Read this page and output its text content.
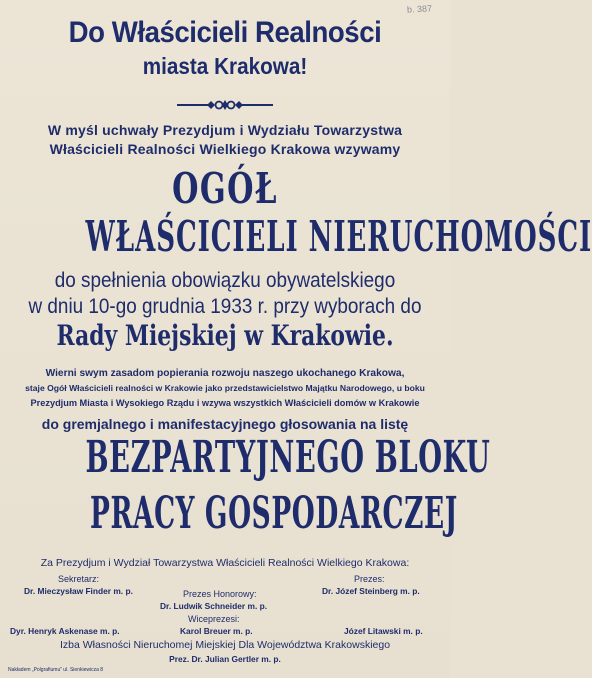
b. 387
Do Właścicieli Realności
miasta Krakowa!
W myśl uchwały Prezydjum i Wydziału Towarzystwa
Właścicieli Realności Wielkiego Krakowa wzywamy
OGÓŁ
WŁAŚCICIELI NIERUCHOMOŚCI
do spełnienia obowiązku obywatelskiego
w dniu 10-go grudnia 1933 r. przy wyborach do
Rady Miejskiej w Krakowie.
Wierni swym zasadom popierania rozwoju naszego ukochanego Krakowa,
staje Ogół Właścicieli realności w Krakowie jako przedstawicielstwo Majątku Narodowego, u boku
Prezydjum Miasta i Wysokiego Rządu i wzywa wszystkich Właścicieli domów w Krakowie
do gremjalnego i manifestacyjnego głosowania na listę
BEZPARTYJNEGO BLOKU
PRACY GOSPODARCZEJ
Za Prezydjum i Wydział Towarzystwa Właścicieli Realności Wielkiego Krakowa:
Sekretarz:
Dr. Mieczysław Finder m. p.
Prezes:
Dr. Józef Steinberg m. p.
Prezes Honorowy:
Dr. Ludwik Schneider m. p.
Wiceprezesi:
Dyr. Henryk Askenase m. p.	Karol Breuer m. p.	Józef Litawski m. p.
Izba Własności Nieruchomej Miejskiej Dla Województwa Krakowskiego
Prez. Dr. Julian Gertler m. p.
Nakładem „Polgrafiumu” ul. Sienkiewicza 8
